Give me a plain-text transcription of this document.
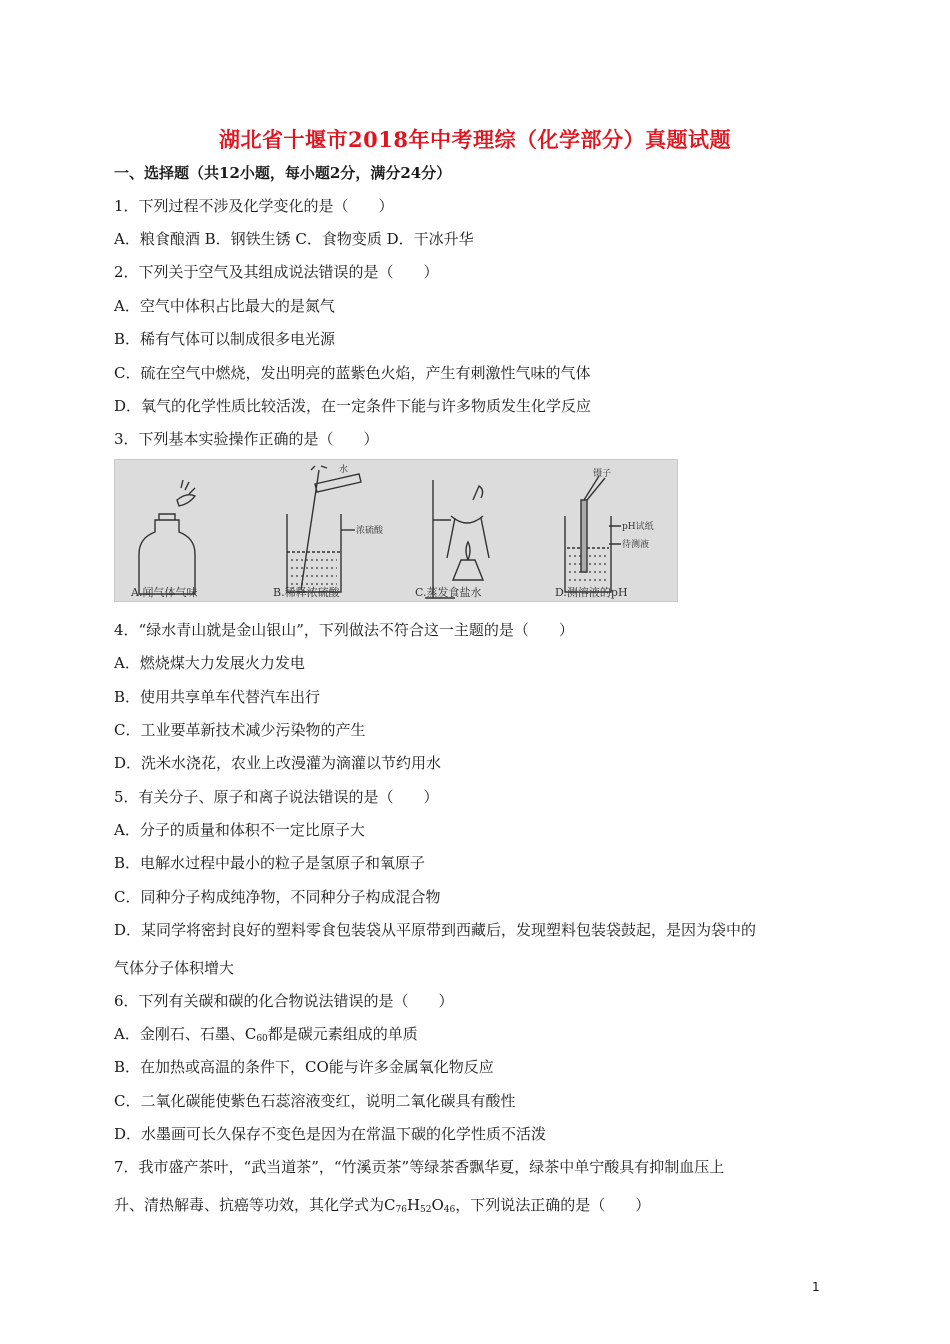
湖北省十堰市2018年中考理综（化学部分）真题试题
一、选择题（共12小题，每小题2分，满分24分）
1．下列过程不涉及化学变化的是（　　）
A．粮食酿酒 B．钢铁生锈 C．食物变质 D．干冰升华
2．下列关于空气及其组成说法错误的是（　　）
A．空气中体积占比最大的是氮气
B．稀有气体可以制成很多电光源
C．硫在空气中燃烧，发出明亮的蓝紫色火焰，产生有刺激性气味的气体
D．氧气的化学性质比较活泼，在一定条件下能与许多物质发生化学反应
3．下列基本实验操作正确的是（　　）
水
浓硫酸
镊子
pH试纸
待测液
A.闻气体气味	B.稀释浓硫酸	C.蒸发食盐水	D.测溶液的pH
4．“绿水青山就是金山银山”，下列做法不符合这一主题的是（　　）
A．燃烧煤大力发展火力发电
B．使用共享单车代替汽车出行
C．工业要革新技术减少污染物的产生
D．洗米水浇花，农业上改漫灌为滴灌以节约用水
5．有关分子、原子和离子说法错误的是（　　）
A．分子的质量和体积不一定比原子大
B．电解水过程中最小的粒子是氢原子和氧原子
C．同种分子构成纯净物，不同种分子构成混合物
D．某同学将密封良好的塑料零食包装袋从平原带到西藏后，发现塑料包装袋鼓起，是因为袋中的
气体分子体积增大
6．下列有关碳和碳的化合物说法错误的是（　　）
A．金刚石、石墨、$C_{60}$都是碳元素组成的单质
B．在加热或高温的条件下，CO能与许多金属氧化物反应
C．二氧化碳能使紫色石蕊溶液变红，说明二氧化碳具有酸性
D．水墨画可长久保存不变色是因为在常温下碳的化学性质不活泼
7．我市盛产茶叶，“武当道茶”，“竹溪贡茶”等绿茶香飘华夏，绿茶中单宁酸具有抑制血压上
升、清热解毒、抗癌等功效，其化学式为$C_{76}H_{52}O_{46}$，下列说法正确的是（　　）
1
